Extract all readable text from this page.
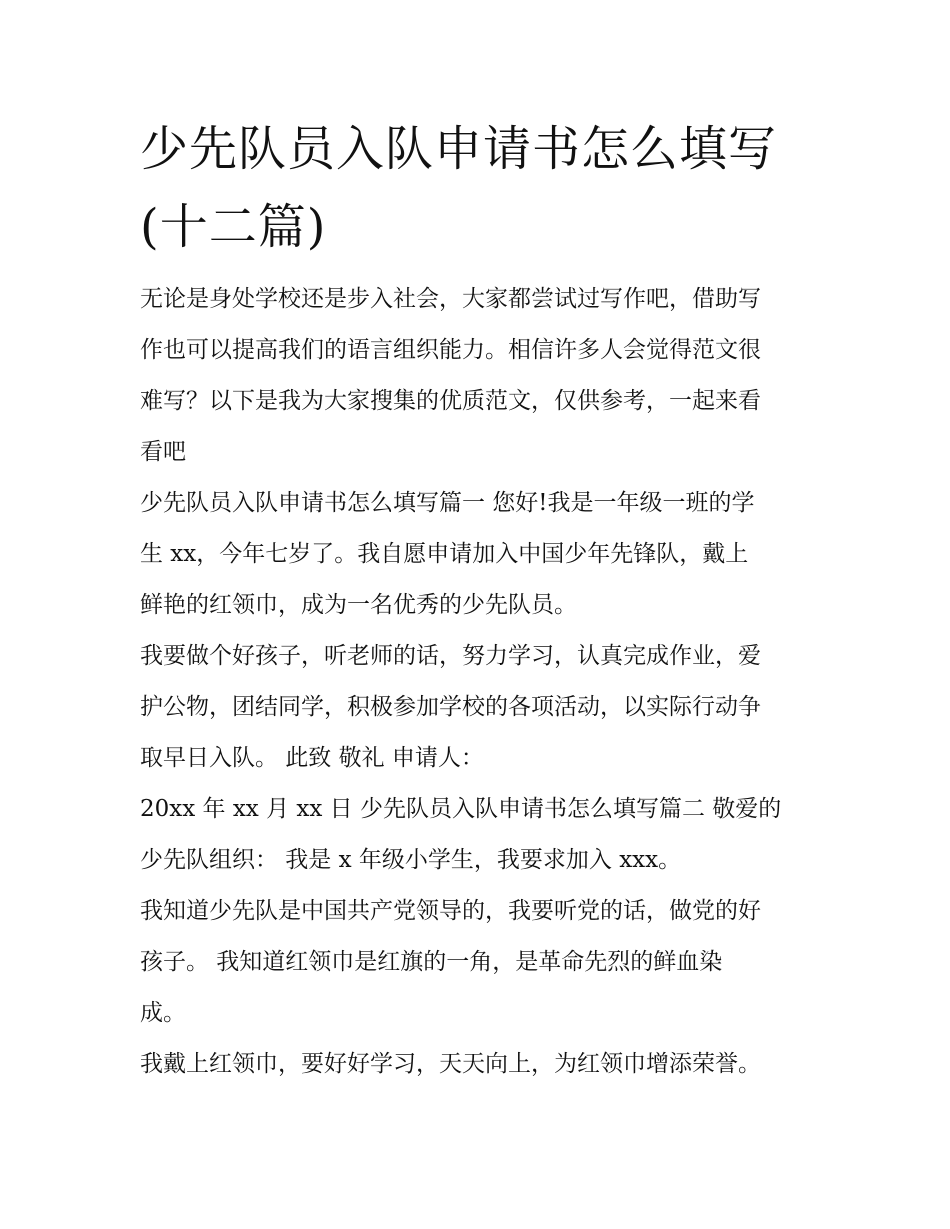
少先队员入队申请书怎么填写
(十二篇)

无论是身处学校还是步入社会，大家都尝试过写作吧，借助写

作也可以提高我们的语言组织能力。相信许多人会觉得范文很

难写？以下是我为大家搜集的优质范文，仅供参考，一起来看

看吧

少先队员入队申请书怎么填写篇一 您好!我是一年级一班的学

生 xx，今年七岁了。我自愿申请加入中国少年先锋队，戴上

鲜艳的红领巾，成为一名优秀的少先队员。

我要做个好孩子，听老师的话，努力学习，认真完成作业，爱

护公物，团结同学，积极参加学校的各项活动，以实际行动争

取早日入队。 此致 敬礼 申请人：

20xx 年 xx 月 xx 日 少先队员入队申请书怎么填写篇二 敬爱的

少先队组织： 我是 x 年级小学生，我要求加入 xxx。

我知道少先队是中国共产党领导的，我要听党的话，做党的好

孩子。 我知道红领巾是红旗的一角，是革命先烈的鲜血染

成。

我戴上红领巾，要好好学习，天天向上，为红领巾增添荣誉。
